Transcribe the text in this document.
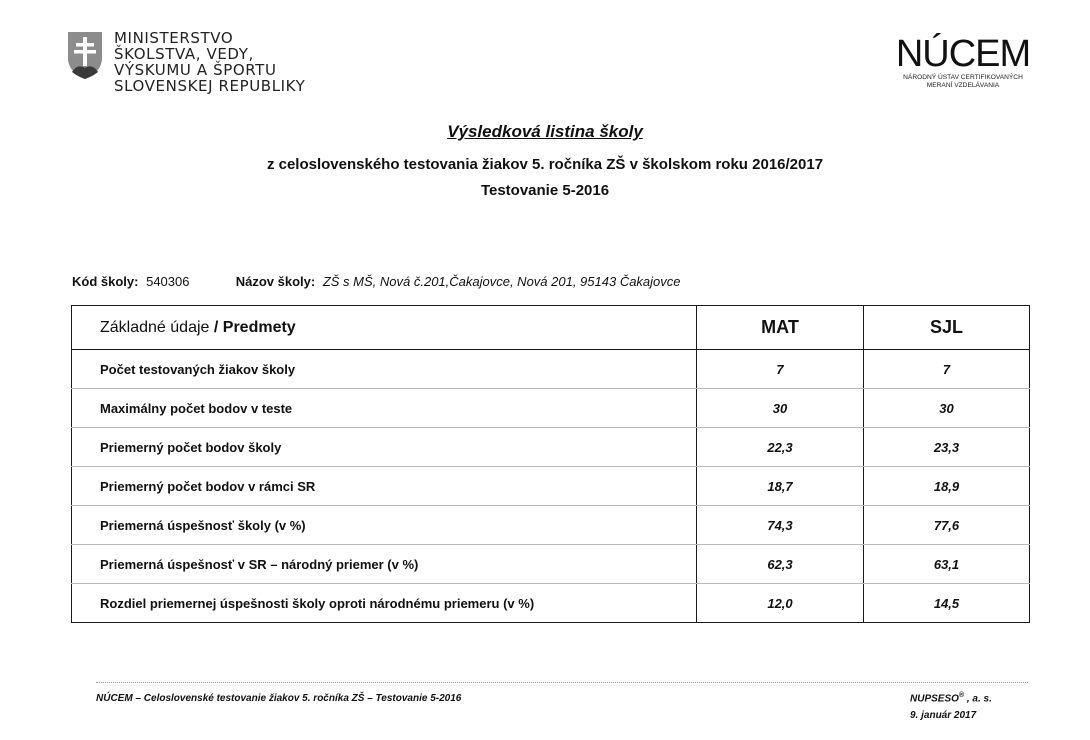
MINISTERSTVO
ŠKOLSTVA, VEDY,
VÝSKUMU A ŠPORTU
SLOVENSKEJ REPUBLIKY
NÚCEM
NÁRODNÝ ÚSTAV CERTIFIKOVANÝCH
MERANÍ VZDELÁVANIA
Výsledková listina školy
z celoslovenského testovania žiakov 5. ročníka ZŠ v školskom roku 2016/2017
Testovanie 5-2016
Kód školy: 540306	Názov školy: ZŠ s MŠ, Nová č.201,Čakajovce, Nová 201, 95143 Čakajovce
Základné údaje / Predmety	MAT	SJL
Počet testovaných žiakov školy	7	7
Maximálny počet bodov v teste	30	30
Priemerný počet bodov školy	22,3	23,3
Priemerný počet bodov v rámci SR	18,7	18,9
Priemerná úspešnosť školy (v %)	74,3	77,6
Priemerná úspešnosť v SR – národný priemer (v %)	62,3	63,1
Rozdiel priemernej úspešnosti školy oproti národnému priemeru (v %)	12,0	14,5
NÚCEM – Celoslovenské testovanie žiakov 5. ročníka ZŠ – Testovanie 5-2016	NUPSESO® , a. s.
9. január 2017
